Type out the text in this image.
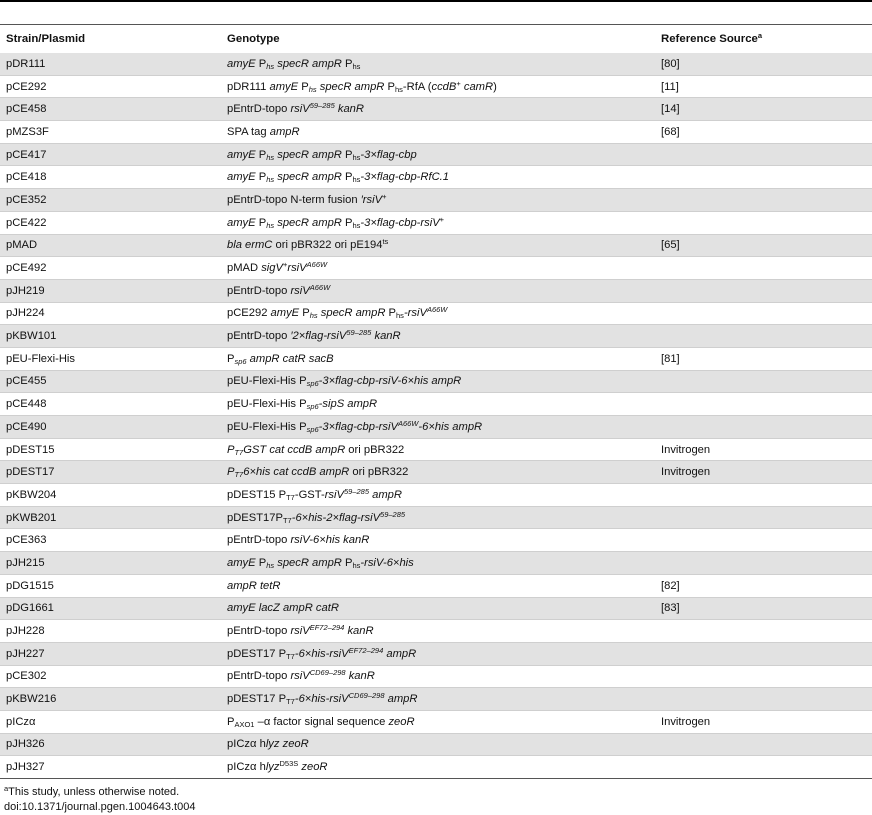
Strain/Plasmid	Genotype	Reference Source$^a$
pDR111	amyE $P_{hs}$ specR ampR $P_{hs}$	[80]
pCE292	pDR111 amyE $P_{hs}$ specR ampR $P_{hs}$-RfA (ccdB+ camR)	[11]
pCE458	pEntrD-topo rsiV$^{59-285}$ kanR	[14]
pMZS3F	SPA tag ampR	[68]
pCE417	amyE $P_{hs}$ specR ampR $P_{hs}-3\times flag$-cbp	
pCE418	amyE $P_{hs}$ specR ampR $P_{hs}-3\times flag-cbp-RfC.1$	
pCE352	pEntrD-topo N-term fusion ′rsiV+	
pCE422	amyE $P_{hs}$ specR ampR $P_{hs}-3\times flag-cbp-rsiV^+$	
pMAD	bla ermC ori pBR322 ori $pE194^{ts}$	[65]
pCE492	pMAD sigV+rsiV$^{A66W}$	
pJH219	pEntrD-topo rsiV$^{A66W}$	
pJH224	pCE292 amyE $P_{hs}$ specR ampR $P_{hs}-rsiV^{A66W}$	
pKBW101	pEntrD-topo ′2×flag-rsiV$^{59-285}$ kanR	
pEU-Flexi-His	$P_{sp6}$ ampR catR sacB	[81]
pCE455	pEU-Flexi-His $P_{sp6}-3\times flag-cbp-rsiV-6\times his$ ampR	
pCE448	pEU-Flexi-His $P_{sp6}$-sipS ampR	
pCE490	pEU-Flexi-His $P_{sp6}-3\times flag-cbp-rsiV^{A66W}-6\times his$ ampR	
pDEST15	$P_{T7}GST$ cat ccdB ampR ori pBR322	Invitrogen
pDEST17	$P_{T7}6\times his$ cat ccdB ampR ori pBR322	Invitrogen
pKBW204	pDEST15 $P_{T7}-GST-rsiV^{59-285}$ ampR	
pKWB201	$pDEST17P_{T7}-6\times his-2\times flag-rsiV^{59-285}$	
pCE363	pEntrD-topo rsiV-6×his kanR	
pJH215	amyE $P_{hs}$ specR ampR $P_{hs}-rsiV-6\times his$	
pDG1515	ampR tetR	[82]
pDG1661	amyE lacZ ampR catR	[83]
pJH228	pEntrD-topo rsiV$^{EF72-294}$ kanR	
pJH227	pDEST17 $P_{T7}-6\times his-rsiV^{EF72-294}$ ampR	
pCE302	pEntrD-topo rsiV$^{CD69-298}$ kanR	
pKBW216	pDEST17 $P_{T7}-6\times his-rsiV^{CD69-298}$ ampR	
pICzα	$P_{AXO1}$ –α factor signal sequence zeoR	Invitrogen
pJH326	pICzα hlyz zeoR	
pJH327	pICzα hlyz$^{D53S}$ zeoR	
$^a$This study, unless otherwise noted.
doi:10.1371/journal.pgen.1004643.t004
